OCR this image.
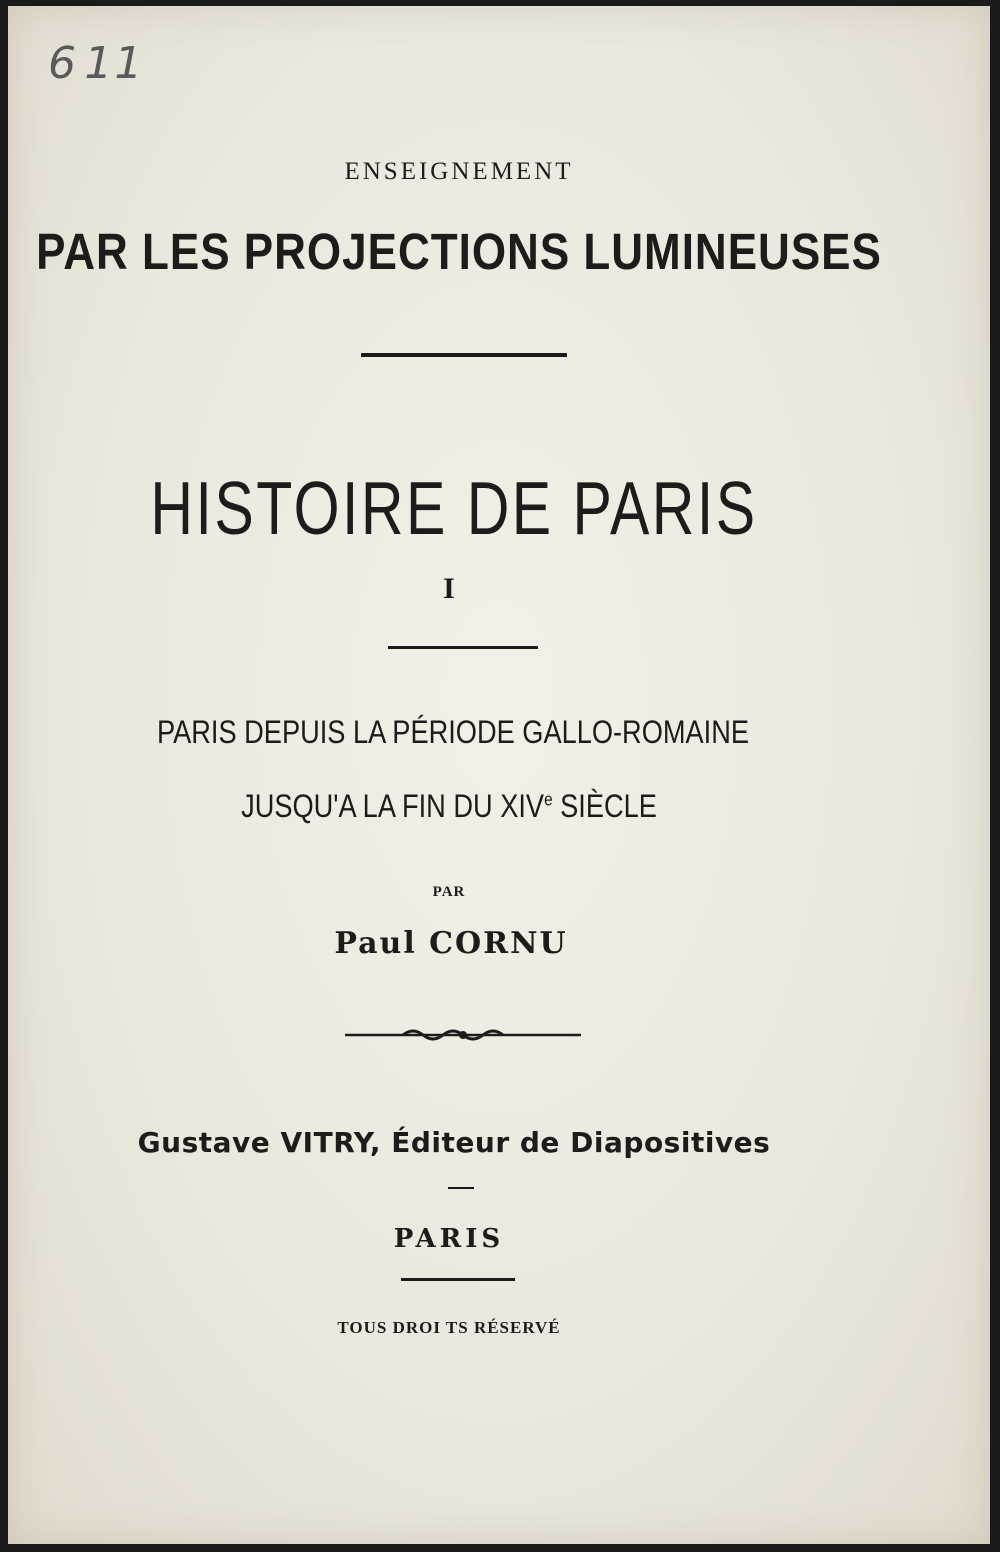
6 11
ENSEIGNEMENT
PAR LES PROJECTIONS LUMINEUSES
HISTOIRE DE PARIS
I
PARIS DEPUIS LA PÉRIODE GALLO-ROMAINE
JUSQU'A LA FIN DU XIVe SIÈCLE
PAR
Paul CORNU
Gustave VITRY, Éditeur de Diapositives
PARIS
TOUS DROI TS RÉSERVÉ
